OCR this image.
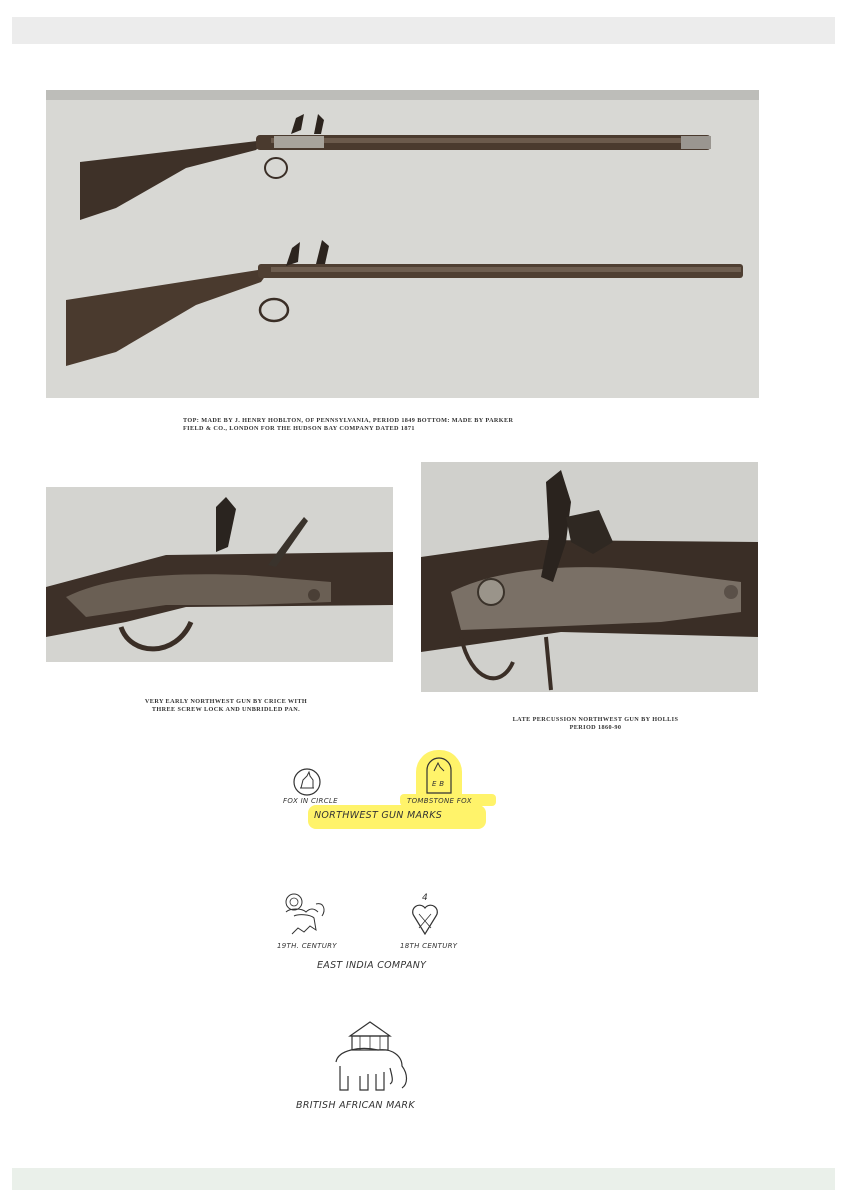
TOP: MADE BY J. HENRY HOBLTON, OF PENNSYLVANIA, PERIOD 1849 BOTTOM: MADE BY PARKER
FIELD & CO., LONDON FOR THE HUDSON BAY COMPANY DATED 1871
VERY EARLY NORTHWEST GUN BY CRICE WITH
THREE SCREW LOCK AND UNBRIDLED PAN.
LATE PERCUSSION NORTHWEST GUN BY HOLLIS
PERIOD 1860-90
E B
FOX IN CIRCLE	TOMBSTONE FOX
NORTHWEST GUN MARKS
4
19TH. CENTURY	18TH CENTURY
EAST INDIA COMPANY
BRITISH AFRICAN MARK
